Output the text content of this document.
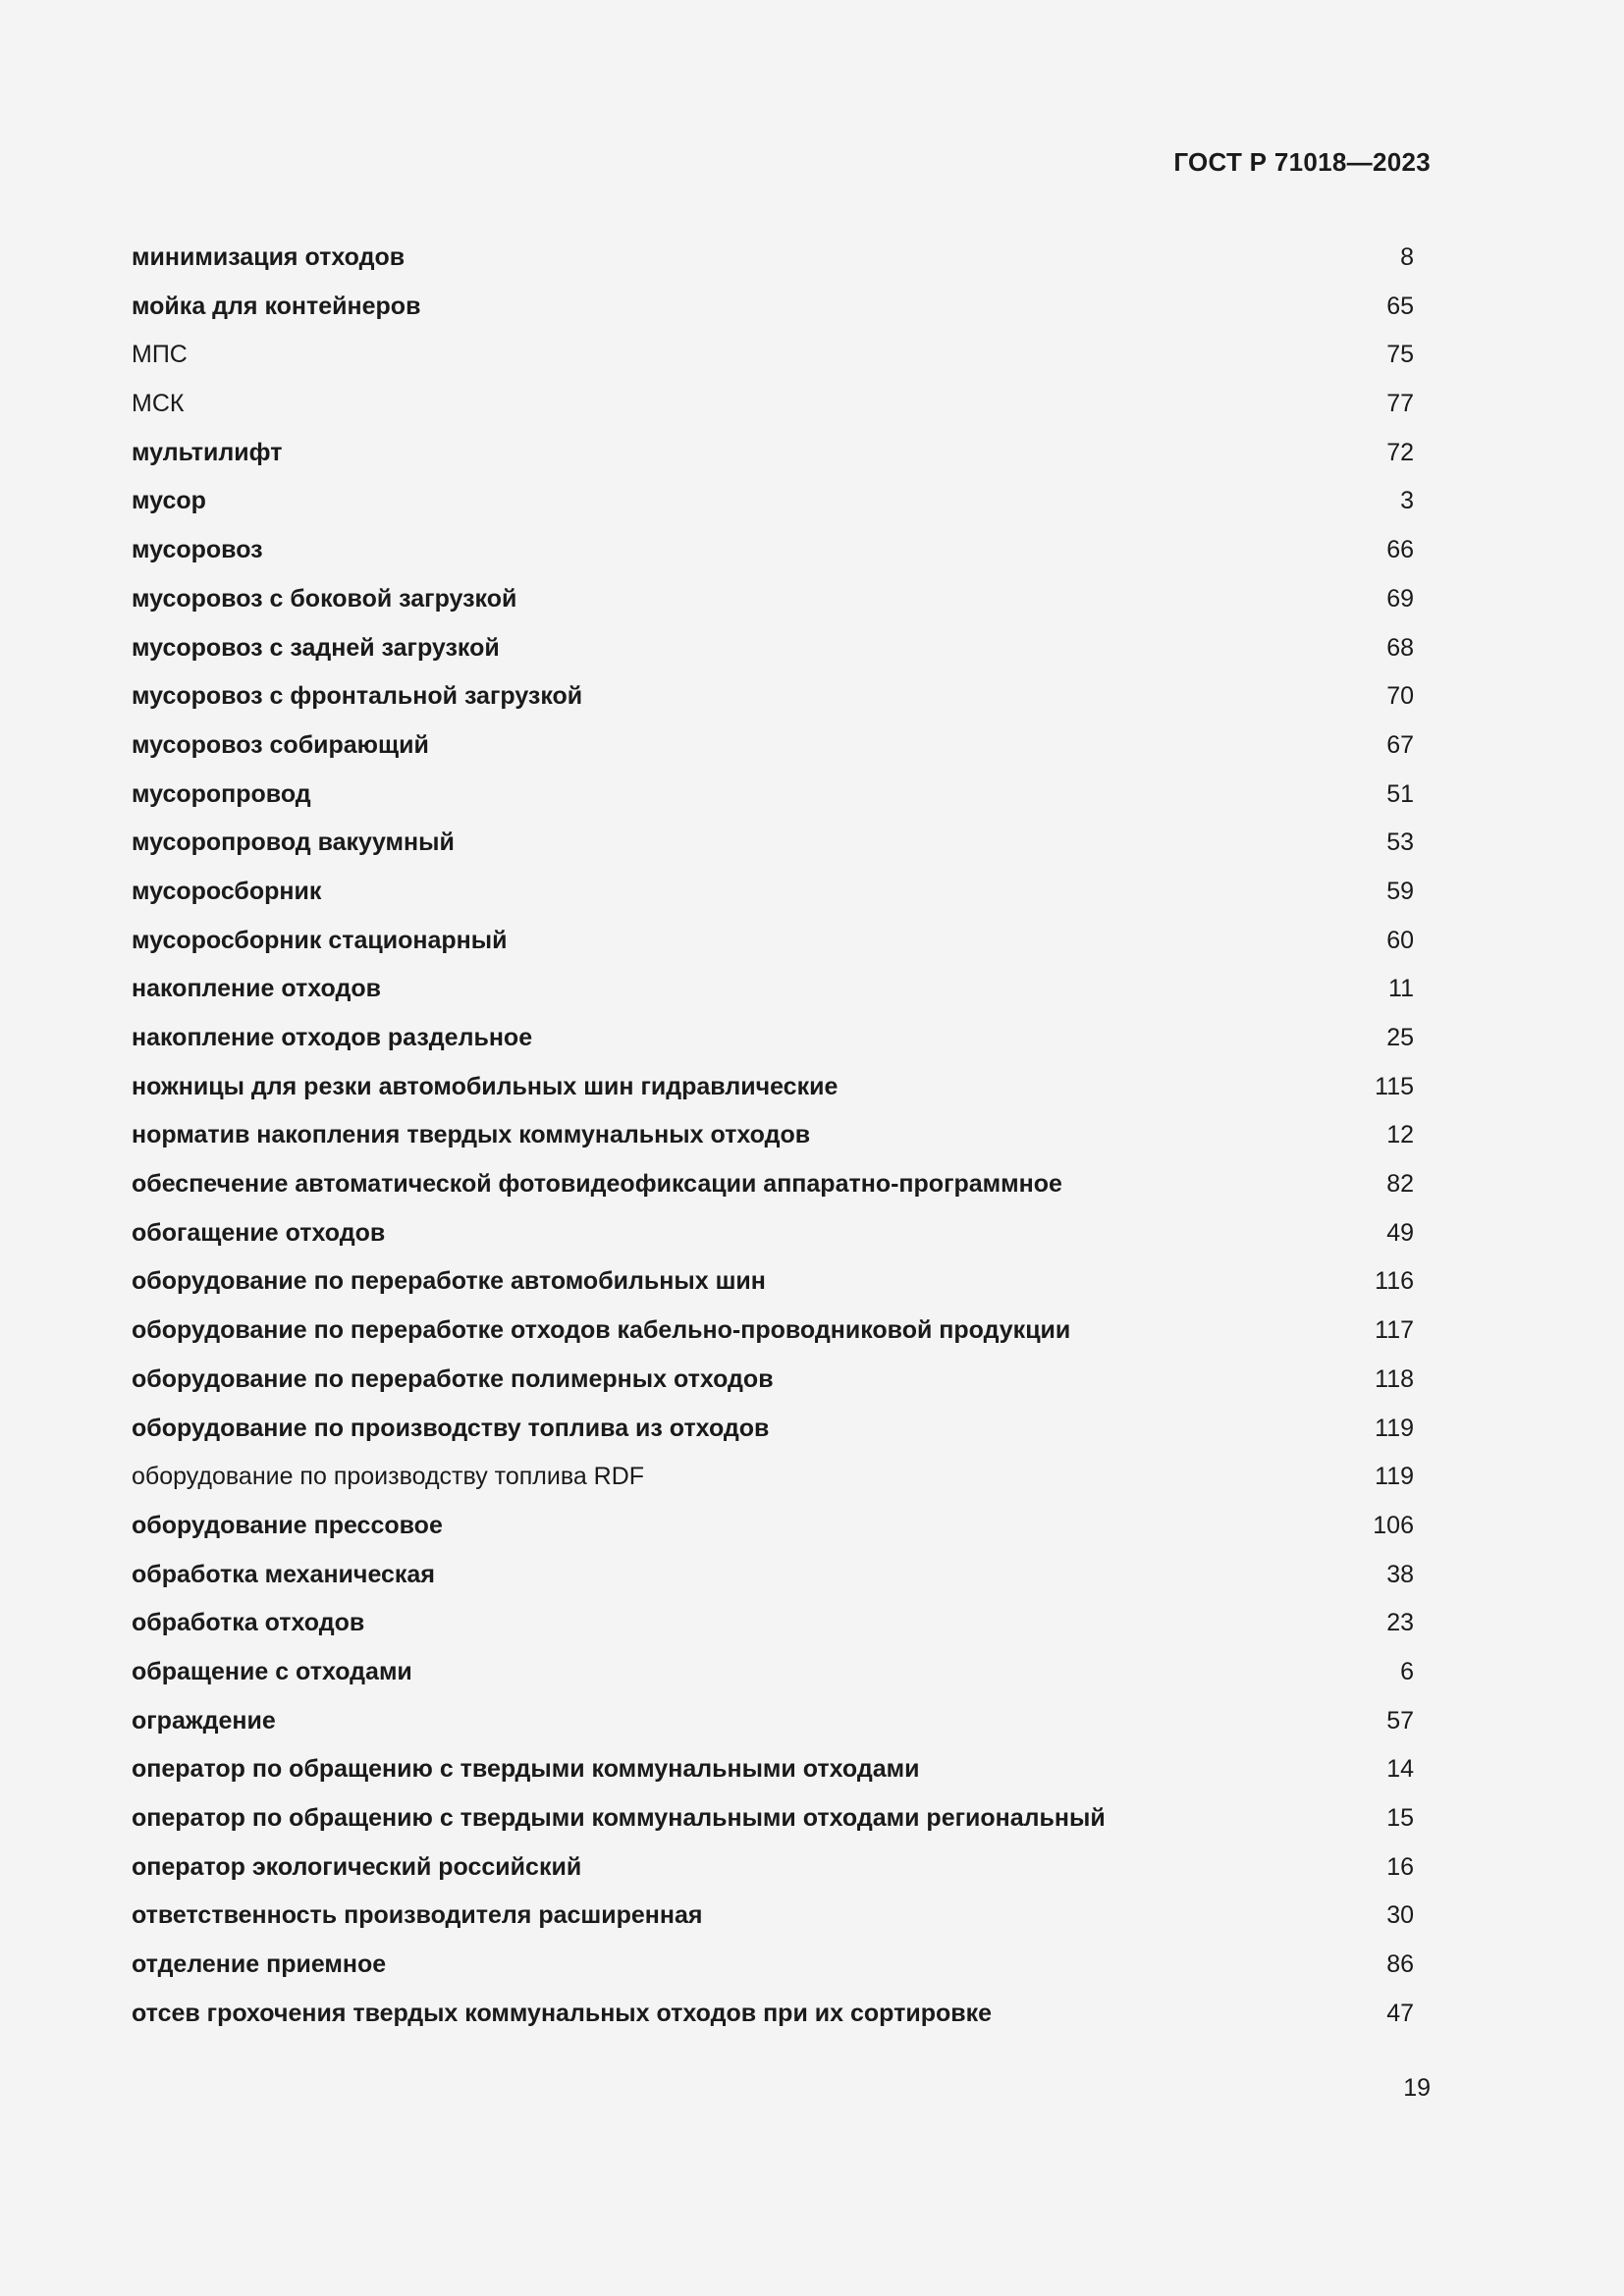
ГОСТ Р 71018—2023
минимизация отходов	8
мойка для контейнеров	65
МПС	75
МСК	77
мультилифт	72
мусор	3
мусоровоз	66
мусоровоз с боковой загрузкой	69
мусоровоз с задней загрузкой	68
мусоровоз с фронтальной загрузкой	70
мусоровоз собирающий	67
мусоропровод	51
мусоропровод вакуумный	53
мусоросборник	59
мусоросборник стационарный	60
накопление отходов	11
накопление отходов раздельное	25
ножницы для резки автомобильных шин гидравлические	115
норматив накопления твердых коммунальных отходов	12
обеспечение автоматической фотовидеофиксации аппаратно-программное	82
обогащение отходов	49
оборудование по переработке автомобильных шин	116
оборудование по переработке отходов кабельно-проводниковой продукции	117
оборудование по переработке полимерных отходов	118
оборудование по производству топлива из отходов	119
оборудование по производству топлива RDF	119
оборудование прессовое	106
обработка механическая	38
обработка отходов	23
обращение с отходами	6
ограждение	57
оператор по обращению с твердыми коммунальными отходами	14
оператор по обращению с твердыми коммунальными отходами региональный	15
оператор экологический российский	16
ответственность производителя расширенная	30
отделение приемное	86
отсев грохочения твердых коммунальных отходов при их сортировке	47
19
